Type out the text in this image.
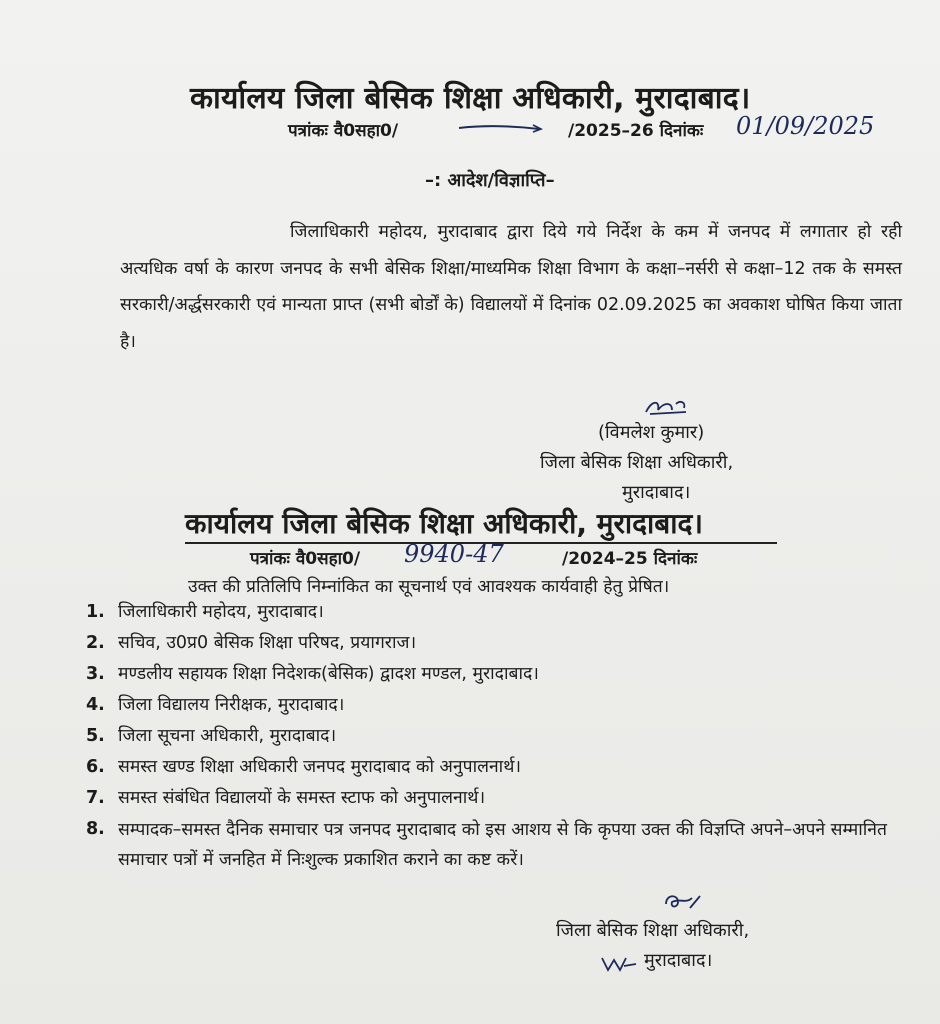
कार्यालय जिला बेसिक शिक्षा अधिकारी, मुरादाबाद।
पत्रांकः वै0सहा0/	/2025–26 दिनांकः 01/09/2025
–: आदेश/विज्ञाप्ति–
जिलाधिकारी महोदय, मुरादाबाद द्वारा दिये गये निर्देश के कम में जनपद में लगातार हो रही अत्यधिक वर्षा के कारण जनपद के सभी बेसिक शिक्षा/माध्यमिक शिक्षा विभाग के कक्षा–नर्सरी से कक्षा–12 तक के समस्त सरकारी/अर्द्धसरकारी एवं मान्यता प्राप्त (सभी बोर्डों के) विद्यालयों में दिनांक 02.09.2025 का अवकाश घोषित किया जाता है।
(विमलेश कुमार)
जिला बेसिक शिक्षा अधिकारी,
मुरादाबाद।
कार्यालय जिला बेसिक शिक्षा अधिकारी, मुरादाबाद।
पत्रांकः वै0सहा0/ 9940-47	/2024–25 दिनांकः
उक्त की प्रतिलिपि निम्नांकित का सूचनार्थ एवं आवश्यक कार्यवाही हेतु प्रेषित।
1. जिलाधिकारी महोदय, मुरादाबाद।
2. सचिव, उ0प्र0 बेसिक शिक्षा परिषद, प्रयागराज।
3. मण्डलीय सहायक शिक्षा निदेशक(बेसिक) द्वादश मण्डल, मुरादाबाद।
4. जिला विद्यालय निरीक्षक, मुरादाबाद।
5. जिला सूचना अधिकारी, मुरादाबाद।
6. समस्त खण्ड शिक्षा अधिकारी जनपद मुरादाबाद को अनुपालनार्थ।
7. समस्त संबंधित विद्यालयों के समस्त स्टाफ को अनुपालनार्थ।
8. सम्पादक–समस्त दैनिक समाचार पत्र जनपद मुरादाबाद को इस आशय से कि कृपया उक्त की विज्ञप्ति अपने–अपने सम्मानित समाचार पत्रों में जनहित में निःशुल्क प्रकाशित कराने का कष्ट करें।
जिला बेसिक शिक्षा अधिकारी,
मुरादाबाद।
